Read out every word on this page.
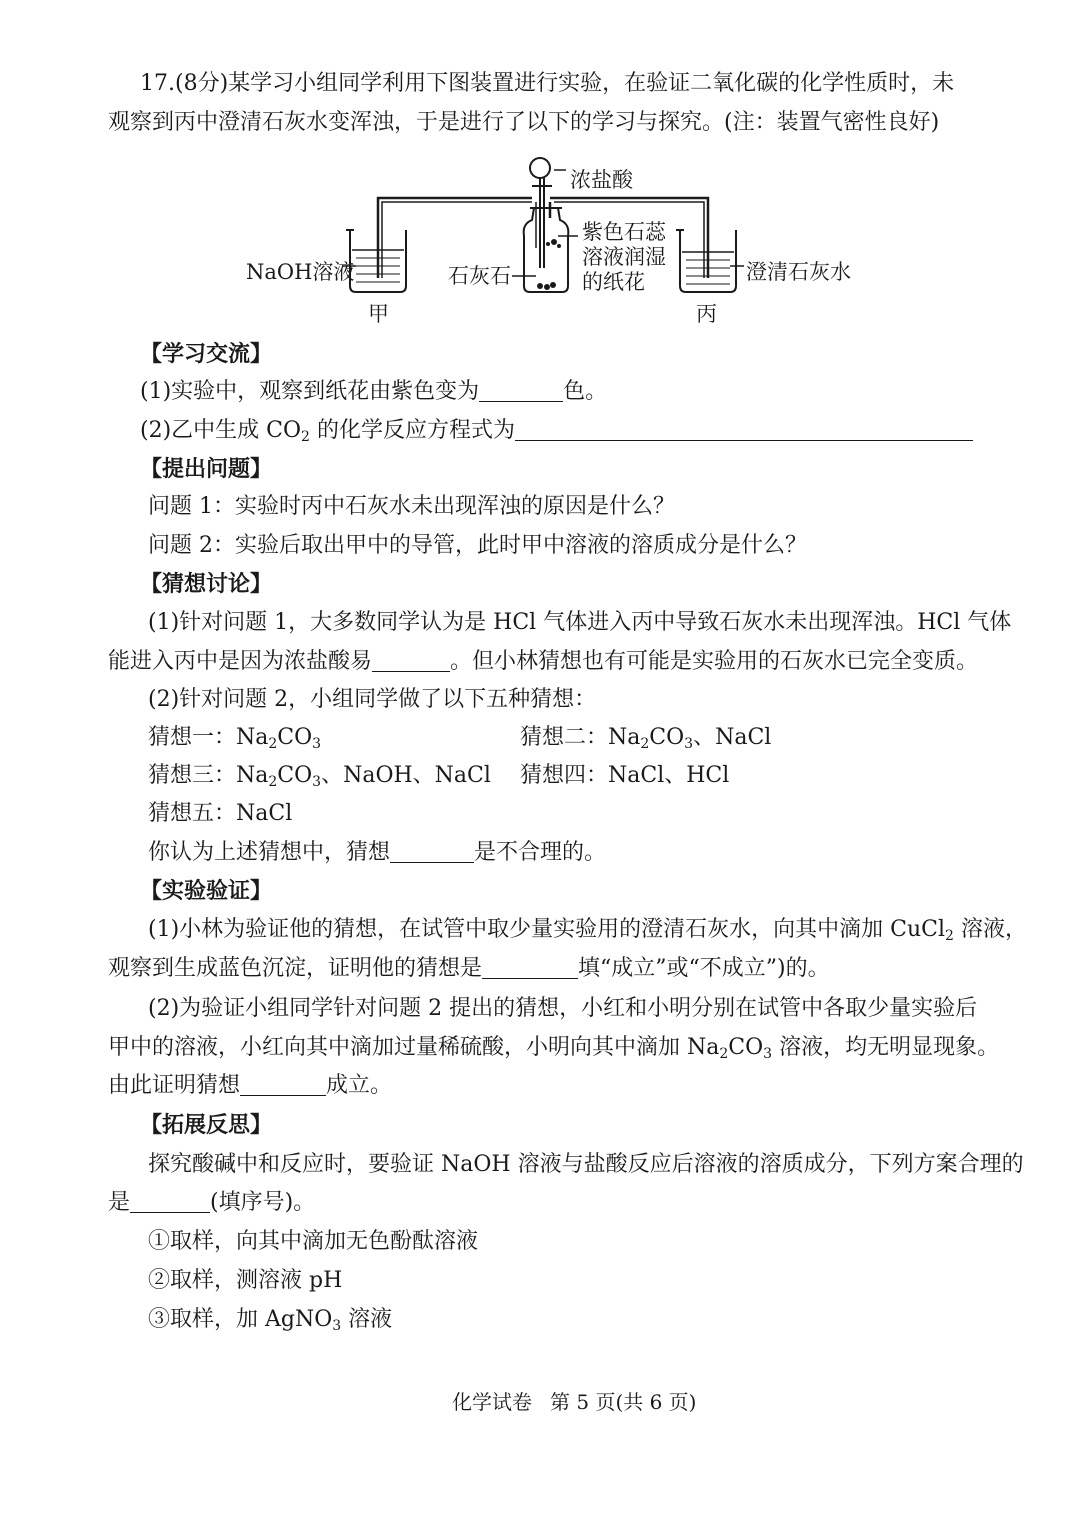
17.(8分)某学习小组同学利用下图装置进行实验，在验证二氧化碳的化学性质时，未
观察到丙中澄清石灰水变浑浊，于是进行了以下的学习与探究。(注：装置气密性良好)
浓盐酸
NaOH溶液	石灰石
紫色石蕊
溶液润湿
的纸花	澄清石灰水
甲	丙
【学习交流】
(1)实验中，观察到纸花由紫色变为	色。
(2)乙中生成 $CO_2$ 的化学反应方程式为
【提出问题】
问题 1：实验时丙中石灰水未出现浑浊的原因是什么？
问题 2：实验后取出甲中的导管，此时甲中溶液的溶质成分是什么？
【猜想讨论】
(1)针对问题 1，大多数同学认为是 HCl 气体进入丙中导致石灰水未出现浑浊。HCl 气体
能进入丙中是因为浓盐酸易	。但小林猜想也有可能是实验用的石灰水已完全变质。
(2)针对问题 2，小组同学做了以下五种猜想：
猜想一：$Na_2CO_3$	猜想二：$Na_2CO_3$、NaCl
猜想三：$Na_2CO_3$、NaOH、NaCl 猜想四：NaCl、HCl
猜想五：NaCl
你认为上述猜想中，猜想	是不合理的。
【实验验证】
(1)小林为验证他的猜想，在试管中取少量实验用的澄清石灰水，向其中滴加 CuCl$_2$ 溶液，
观察到生成蓝色沉淀，证明他的猜想是	填“成立”或“不成立”)的。
(2)为验证小组同学针对问题 2 提出的猜想，小红和小明分别在试管中各取少量实验后
甲中的溶液，小红向其中滴加过量稀硫酸，小明向其中滴加 $Na_2CO_3$ 溶液，均无明显现象。
由此证明猜想	成立。
【拓展反思】
探究酸碱中和反应时，要验证 NaOH 溶液与盐酸反应后溶液的溶质成分，下列方案合理的
是	(填序号)。
①取样，向其中滴加无色酚酞溶液
②取样，测溶液 pH
③取样，加 AgNO$_3$ 溶液
化学试卷 第 5 页(共 6 页)
